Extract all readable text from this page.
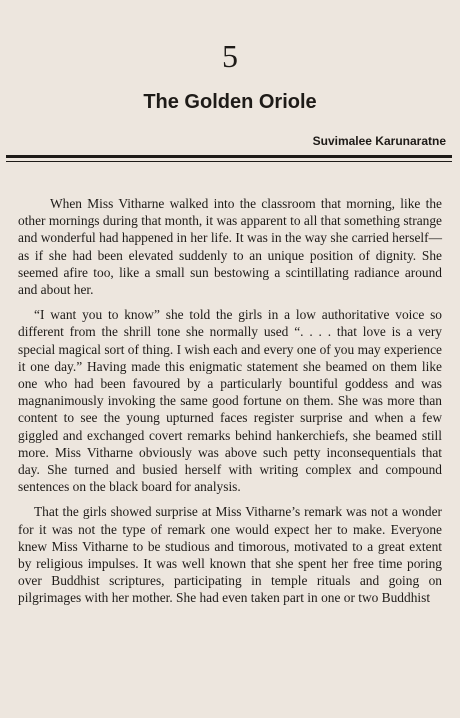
5
The Golden Oriole
Suvimalee Karunaratne

When Miss Vitharne walked into the classroom that morning, like the other mornings during that month, it was apparent to all that something strange and wonderful had happened in her life. It was in the way she carried herself—as if she had been elevated suddenly to an unique position of dignity. She seemed afire too, like a small sun bestowing a scintillating radiance around and about her.

“I want you to know” she told the girls in a low authoritative voice so different from the shrill tone she normally used “. . . . that love is a very special magical sort of thing. I wish each and every one of you may experience it one day.” Having made this enigmatic statement she beamed on them like one who had been favoured by a particularly bountiful goddess and was magnanimously invoking the same good fortune on them. She was more than content to see the young upturned faces register surprise and when a few giggled and exchanged covert remarks behind hankerchiefs, she beamed still more. Miss Vitharne obviously was above such petty inconsequentials that day. She turned and busied herself with writing complex and compound sentences on the black board for analysis.

That the girls showed surprise at Miss Vitharne’s remark was not a wonder for it was not the type of remark one would expect her to make. Everyone knew Miss Vitharne to be studious and timorous, motivated to a great extent by religious impulses. It was well known that she spent her free time poring over Buddhist scriptures, participating in temple rituals and going on pilgrimages with her mother. She had even taken part in one or two Buddhist
